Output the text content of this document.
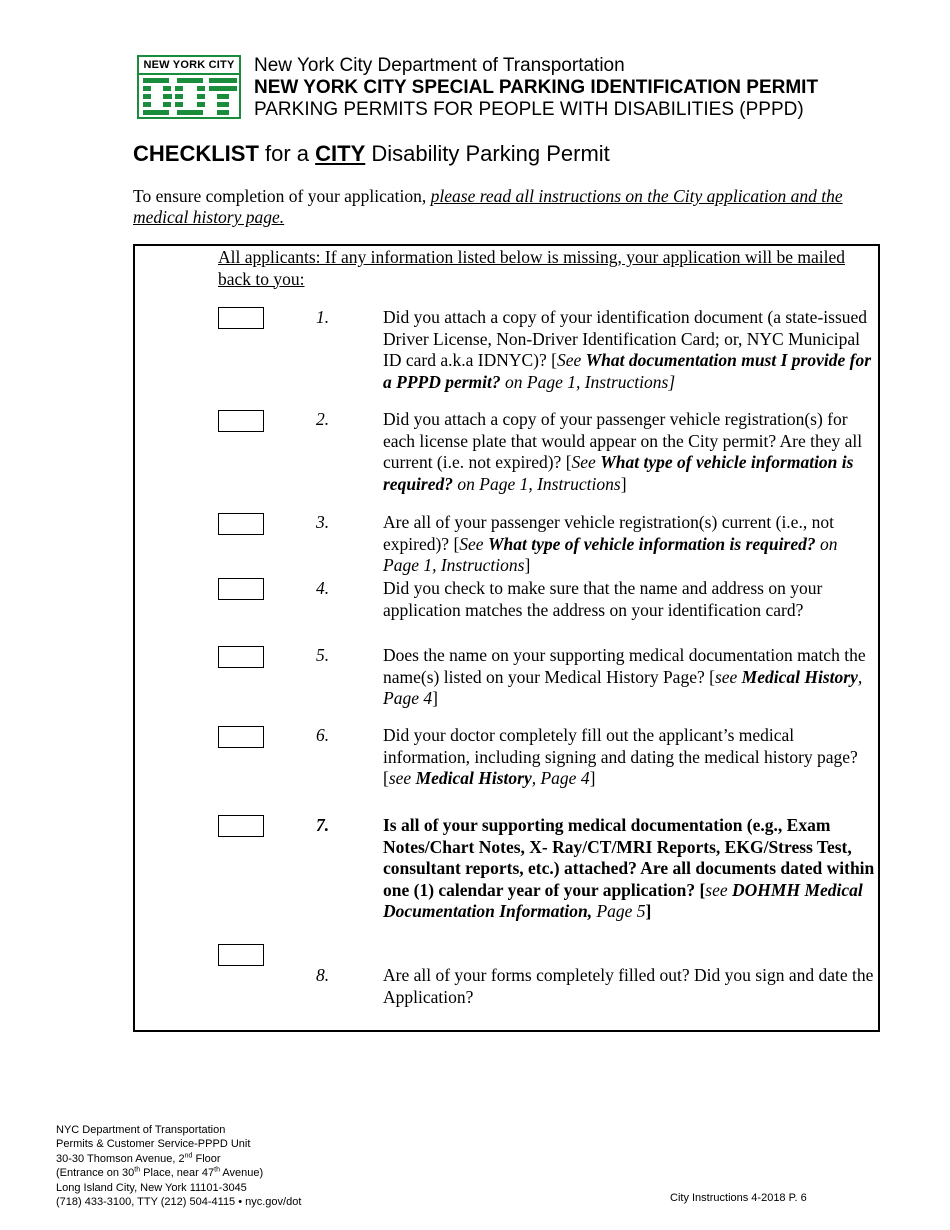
NEW YORK CITY New York City Department of Transportation
NEW YORK CITY SPECIAL PARKING IDENTIFICATION PERMIT
PARKING PERMITS FOR PEOPLE WITH DISABILITIES (PPPD)
CHECKLIST for a CITY Disability Parking Permit
To ensure completion of your application, please read all instructions on the City application and the medical history page.
All applicants: If any information listed below is missing, your application will be mailed back to you:
1.	Did you attach a copy of your identification document (a state-issued Driver License, Non-Driver Identification Card; or, NYC Municipal ID card a.k.a IDNYC)? [See What documentation must I provide for a PPPD permit? on Page 1, Instructions]
2.	Did you attach a copy of your passenger vehicle registration(s) for each license plate that would appear on the City permit? Are they all current (i.e. not expired)? [See What type of vehicle information is required? on Page 1, Instructions]
3.	Are all of your passenger vehicle registration(s) current (i.e., not expired)? [See What type of vehicle information is required? on Page 1, Instructions]
4.	Did you check to make sure that the name and address on your application matches the address on your identification card?
5.	Does the name on your supporting medical documentation match the name(s) listed on your Medical History Page? [see Medical History, Page 4]
6.	Did your doctor completely fill out the applicant’s medical information, including signing and dating the medical history page? [see Medical History, Page 4]
7.	Is all of your supporting medical documentation (e.g., Exam Notes/Chart Notes, X- Ray/CT/MRI Reports, EKG/Stress Test, consultant reports, etc.) attached? Are all documents dated within one (1) calendar year of your application? [see DOHMH Medical Documentation Information, Page 5]
8.	Are all of your forms completely filled out? Did you sign and date the Application?
NYC Department of Transportation
Permits & Customer Service-PPPD Unit
30-30 Thomson Avenue, 2nd Floor
(Entrance on 30th Place, near 47th Avenue)
Long Island City, New York 11101-3045
(718) 433-3100, TTY (212) 504-4115 • nyc.gov/dot	City Instructions 4-2018 P. 6
